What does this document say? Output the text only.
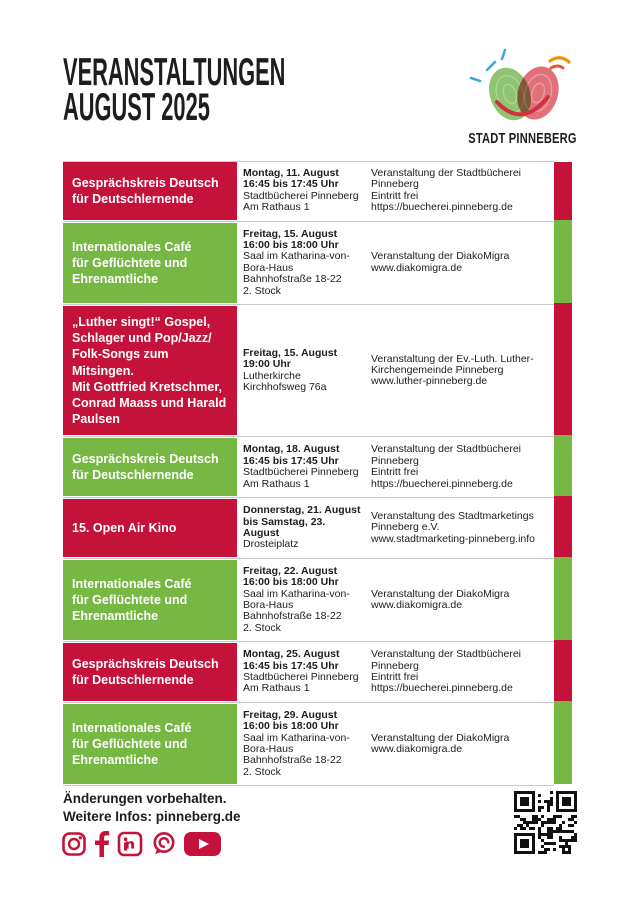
VERANSTALTUNGEN
AUGUST 2025
STADT PINNEBERG
Gesprächskreis Deutsch
für Deutschlernende
Montag, 11. August
16:45 bis 17:45 Uhr
Stadtbücherei Pinneberg
Am Rathaus 1
Veranstaltung der Stadtbücherei
Pinneberg
Eintritt frei
https://buecherei.pinneberg.de
Internationales Café
für Geflüchtete und
Ehrenamtliche
Freitag, 15. August
16:00 bis 18:00 Uhr
Saal im Katharina-von-
Bora-Haus
Bahnhofstraße 18-22
2. Stock
Veranstaltung der DiakoMigra
www.diakomigra.de
„Luther singt!“ Gospel,
Schlager und Pop/Jazz/
Folk-Songs zum Mitsingen.
Mit Gottfried Kretschmer,
Conrad Maass und Harald
Paulsen
Freitag, 15. August
19:00 Uhr
Lutherkirche
Kirchhofsweg 76a
Veranstaltung der Ev.-Luth. Luther-
Kirchengemeinde Pinneberg
www.luther-pinneberg.de
Gesprächskreis Deutsch
für Deutschlernende
Montag, 18. August
16:45 bis 17:45 Uhr
Stadtbücherei Pinneberg
Am Rathaus 1
Veranstaltung der Stadtbücherei
Pinneberg
Eintritt frei
https://buecherei.pinneberg.de
15. Open Air Kino
Donnerstag, 21. August
bis Samstag, 23. August
Drosteiplatz
Veranstaltung des Stadtmarketings
Pinneberg e.V.
www.stadtmarketing-pinneberg.info
Internationales Café
für Geflüchtete und
Ehrenamtliche
Freitag, 22. August
16:00 bis 18:00 Uhr
Saal im Katharina-von-
Bora-Haus
Bahnhofstraße 18-22
2. Stock
Veranstaltung der DiakoMigra
www.diakomigra.de
Gesprächskreis Deutsch
für Deutschlernende
Montag, 25. August
16:45 bis 17:45 Uhr
Stadtbücherei Pinneberg
Am Rathaus 1
Veranstaltung der Stadtbücherei
Pinneberg
Eintritt frei
https://buecherei.pinneberg.de
Internationales Café
für Geflüchtete und
Ehrenamtliche
Freitag, 29. August
16:00 bis 18:00 Uhr
Saal im Katharina-von-
Bora-Haus
Bahnhofstraße 18-22
2. Stock
Veranstaltung der DiakoMigra
www.diakomigra.de
Änderungen vorbehalten.
Weitere Infos: pinneberg.de
